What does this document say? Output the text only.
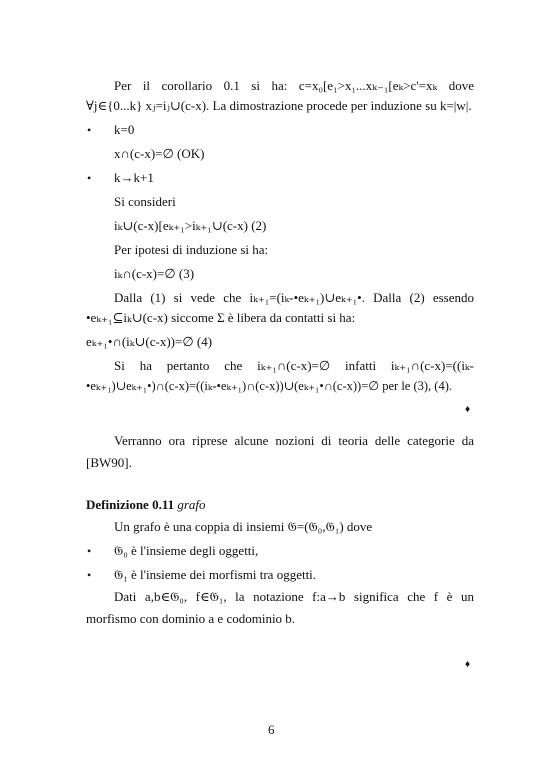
Per il corollario 0.1 si ha: c=x₀[e₁>x₁...xₖ₋₁[eₖ>c'=xₖ dove
∀j∈{0...k} xⱼ=iⱼ∪(c-x). La dimostrazione procede per induzione su k=|w|.
• k=0
x∩(c-x)=∅ (OK)
• k→k+1
Si consideri
iₖ∪(c-x)[eₖ₊₁>iₖ₊₁∪(c-x) (2)
Per ipotesi di induzione si ha:
iₖ∩(c-x)=∅ (3)
Dalla (1) si vede che iₖ₊₁=(iₖ-•eₖ₊₁)∪eₖ₊₁•. Dalla (2) essendo
•eₖ₊₁⊆iₖ∪(c-x) siccome Σ è libera da contatti si ha:
eₖ₊₁•∩(iₖ∪(c-x))=∅ (4)
Si ha pertanto che iₖ₊₁∩(c-x)=∅ infatti iₖ₊₁∩(c-x)=((iₖ-
•eₖ₊₁)∪eₖ₊₁•)∩(c-x)=((iₖ-•eₖ₊₁)∩(c-x))∪(eₖ₊₁•∩(c-x))=∅ per le (3), (4).
♦
Verranno ora riprese alcune nozioni di teoria delle categorie da
[BW90].
Definizione 0.11 grafo
Un grafo è una coppia di insiemi 𝔊=(𝔊₀,𝔊₁) dove
• 𝔊₀ è l'insieme degli oggetti,
• 𝔊₁ è l'insieme dei morfismi tra oggetti.
Dati a,b∈𝔊₀, f∈𝔊₁, la notazione f:a→b significa che f è un
morfismo con dominio a e codominio b.
♦
6
